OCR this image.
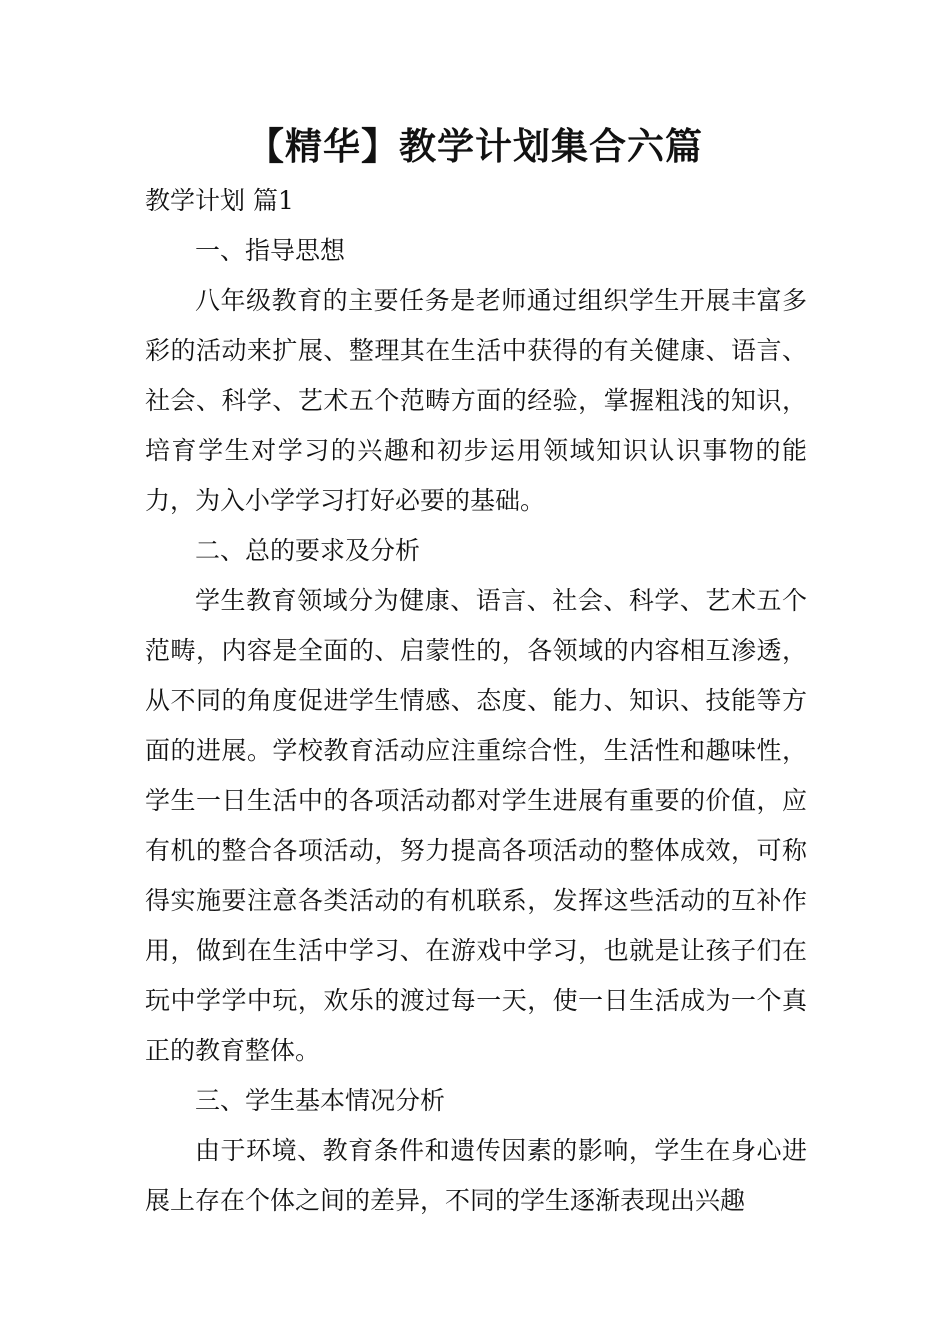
【精华】教学计划集合六篇

教学计划 篇1

一、指导思想

八年级教育的主要任务是老师通过组织学生开展丰富多彩的活动来扩展、整理其在生活中获得的有关健康、语言、社会、科学、艺术五个范畴方面的经验，掌握粗浅的知识，培育学生对学习的兴趣和初步运用领域知识认识事物的能力，为入小学学习打好必要的基础。

二、总的要求及分析

学生教育领域分为健康、语言、社会、科学、艺术五个范畴，内容是全面的、启蒙性的，各领域的内容相互渗透，从不同的角度促进学生情感、态度、能力、知识、技能等方面的进展。学校教育活动应注重综合性，生活性和趣味性，学生一日生活中的各项活动都对学生进展有重要的价值，应有机的整合各项活动，努力提高各项活动的整体成效，可称得实施要注意各类活动的有机联系，发挥这些活动的互补作用，做到在生活中学习、在游戏中学习，也就是让孩子们在玩中学学中玩，欢乐的渡过每一天，使一日生活成为一个真正的教育整体。

三、学生基本情况分析

由于环境、教育条件和遗传因素的影响，学生在身心进展上存在个体之间的差异，不同的学生逐渐表现出兴趣
